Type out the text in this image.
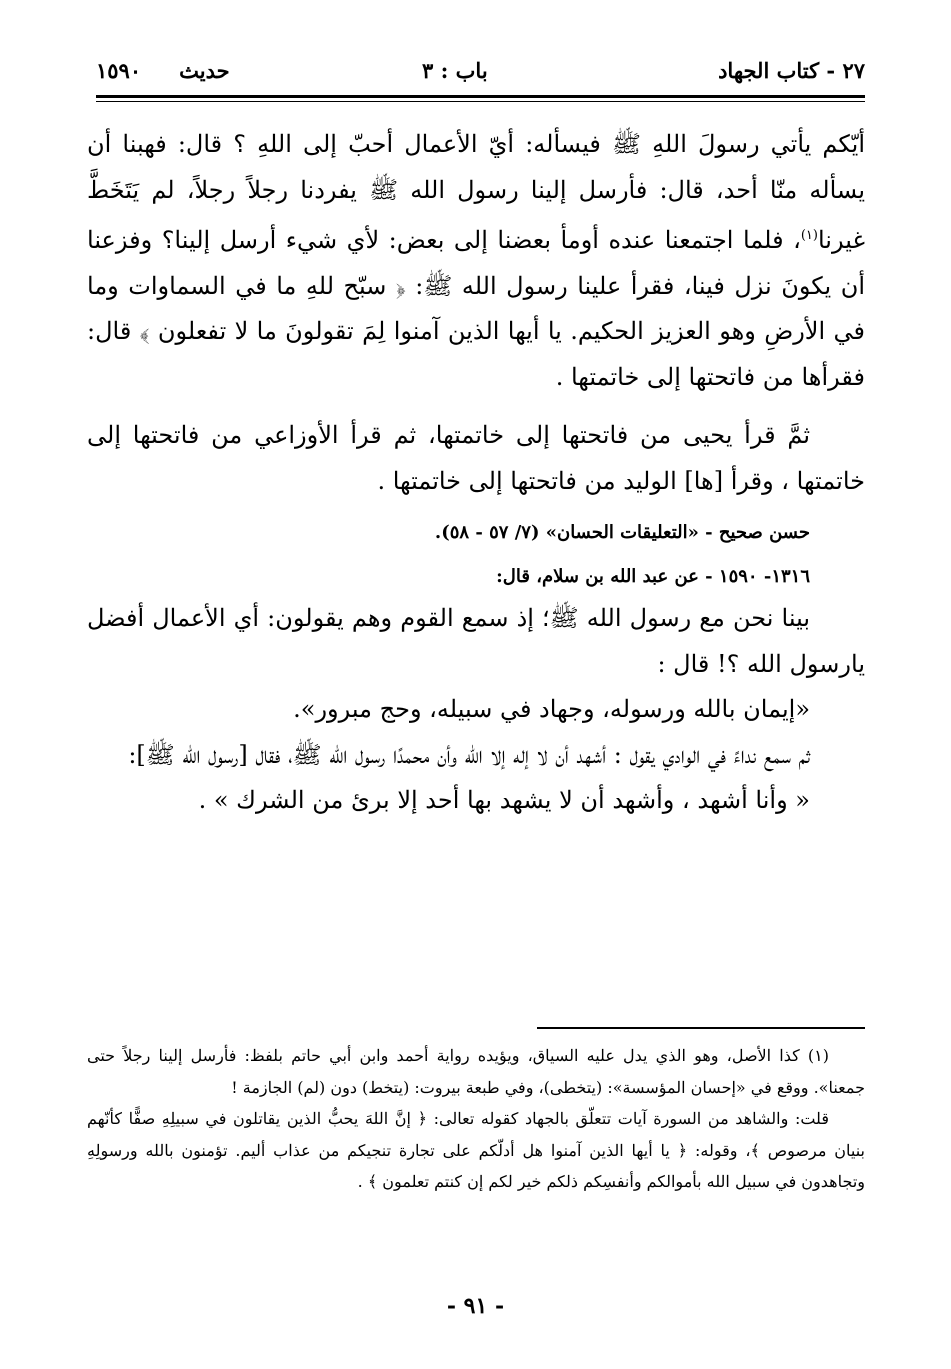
٢٧ - كتاب الجهاد
باب : ٣
حديث١٥٩٠

أيّكم يأتي رسولَ اللهِ ﷺ فيسأله: أيّ الأعمال أحبّ إلى اللهِ ؟ قال: فهبنا أن يسأله منّا أحد، قال: فأرسل إلينا رسول الله ﷺ يفردنا رجلاً رجلاً، لم يَتَخَطَّ غيرنا$^{(١)}$، فلما اجتمعنا عنده أومأ بعضنا إلى بعض: لأي شيء أرسل إلينا؟ وفزعنا أن يكونَ نزل فينا، فقرأ علينا رسول الله ﷺ: ﴿ سبّح للهِ ما في السماوات وما في الأرضِ وهو العزيز الحكيم. يا أيها الذين آمنوا لِمَ تقولونَ ما لا تفعلون ﴾ قال: فقرأها من فاتحتها إلى خاتمتها .

ثمَّ قرأ يحيى من فاتحتها إلى خاتمتها، ثم قرأ الأوزاعي من فاتحتها إلى خاتمتها ، وقرأ [ها] الوليد من فاتحتها إلى خاتمتها .

حسن صحيح - «التعليقات الحسان» (٧/ ٥٧ - ٥٨).

١٣١٦- ١٥٩٠ - عن عبد الله بن سلام، قال:

بينا نحن مع رسول الله ﷺ؛ إذ سمع القوم وهم يقولون: أي الأعمال أفضل يارسول الله ؟! قال :

«إيمان بالله ورسوله، وجهاد في سبيله، وحج مبرور».

ثم سمع نداءً في الوادي يقول : أشهد أن لا إله إلا الله وأن محمدًا رسول الله ﷺ، فقال [رسول الله ﷺ]:

« وأنا أشهد ، وأشهد أن لا يشهد بها أحد إلا برئ من الشرك » .

(١) كذا الأصل، وهو الذي يدل عليه السياق، ويؤيده رواية أحمد وابن أبي حاتم بلفظ: فأرسل إلينا رجلاً حتى جمعنا». ووقع في «إحسان المؤسسة»: (يتخطى)، وفي طبعة بيروت: (يتخط) دون (لم) الجازمة !

قلت: والشاهد من السورة آيات تتعلّق بالجهاد كقوله تعالى: ﴿ إنَّ اللهَ يحبُّ الذين يقاتلون في سبيلِهِ صفًّا كأنّهم بنيان مرصوص ﴾، وقوله: ﴿ يا أيها الذين آمنوا هل أدلّكم على تجارة تنجيكم من عذاب أليم. تؤمنون بالله ورسولِهِ وتجاهدون في سبيل الله بأموالكم وأنفسِكم ذلكم خير لكم إن كنتم تعلمون ﴾ .

- ٩١ -
